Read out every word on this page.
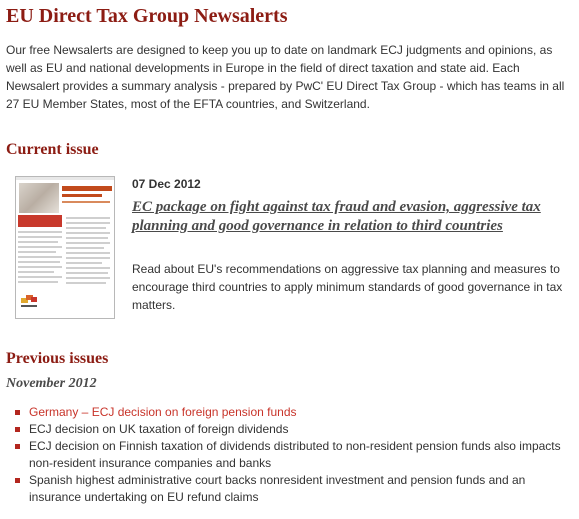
EU Direct Tax Group Newsalerts

Our free Newsalerts are designed to keep you up to date on landmark ECJ judgments and opinions, as well as EU and national developments in Europe in the field of direct taxation and state aid. Each Newsalert provides a summary analysis - prepared by PwC' EU Direct Tax Group - which has teams in all 27 EU Member States, most of the EFTA countries, and Switzerland.

Current issue

07 Dec 2012

EC package on fight against tax fraud and evasion, aggressive tax planning and good governance in relation to third countries

Read about EU's recommendations on aggressive tax planning and measures to encourage third countries to apply minimum standards of good governance in tax matters.

Previous issues

November 2012

Germany – ECJ decision on foreign pension funds
ECJ decision on UK taxation of foreign dividends
ECJ decision on Finnish taxation of dividends distributed to non-resident pension funds also impacts non-resident insurance companies and banks
Spanish highest administrative court backs nonresident investment and pension funds and an insurance undertaking on EU refund claims
